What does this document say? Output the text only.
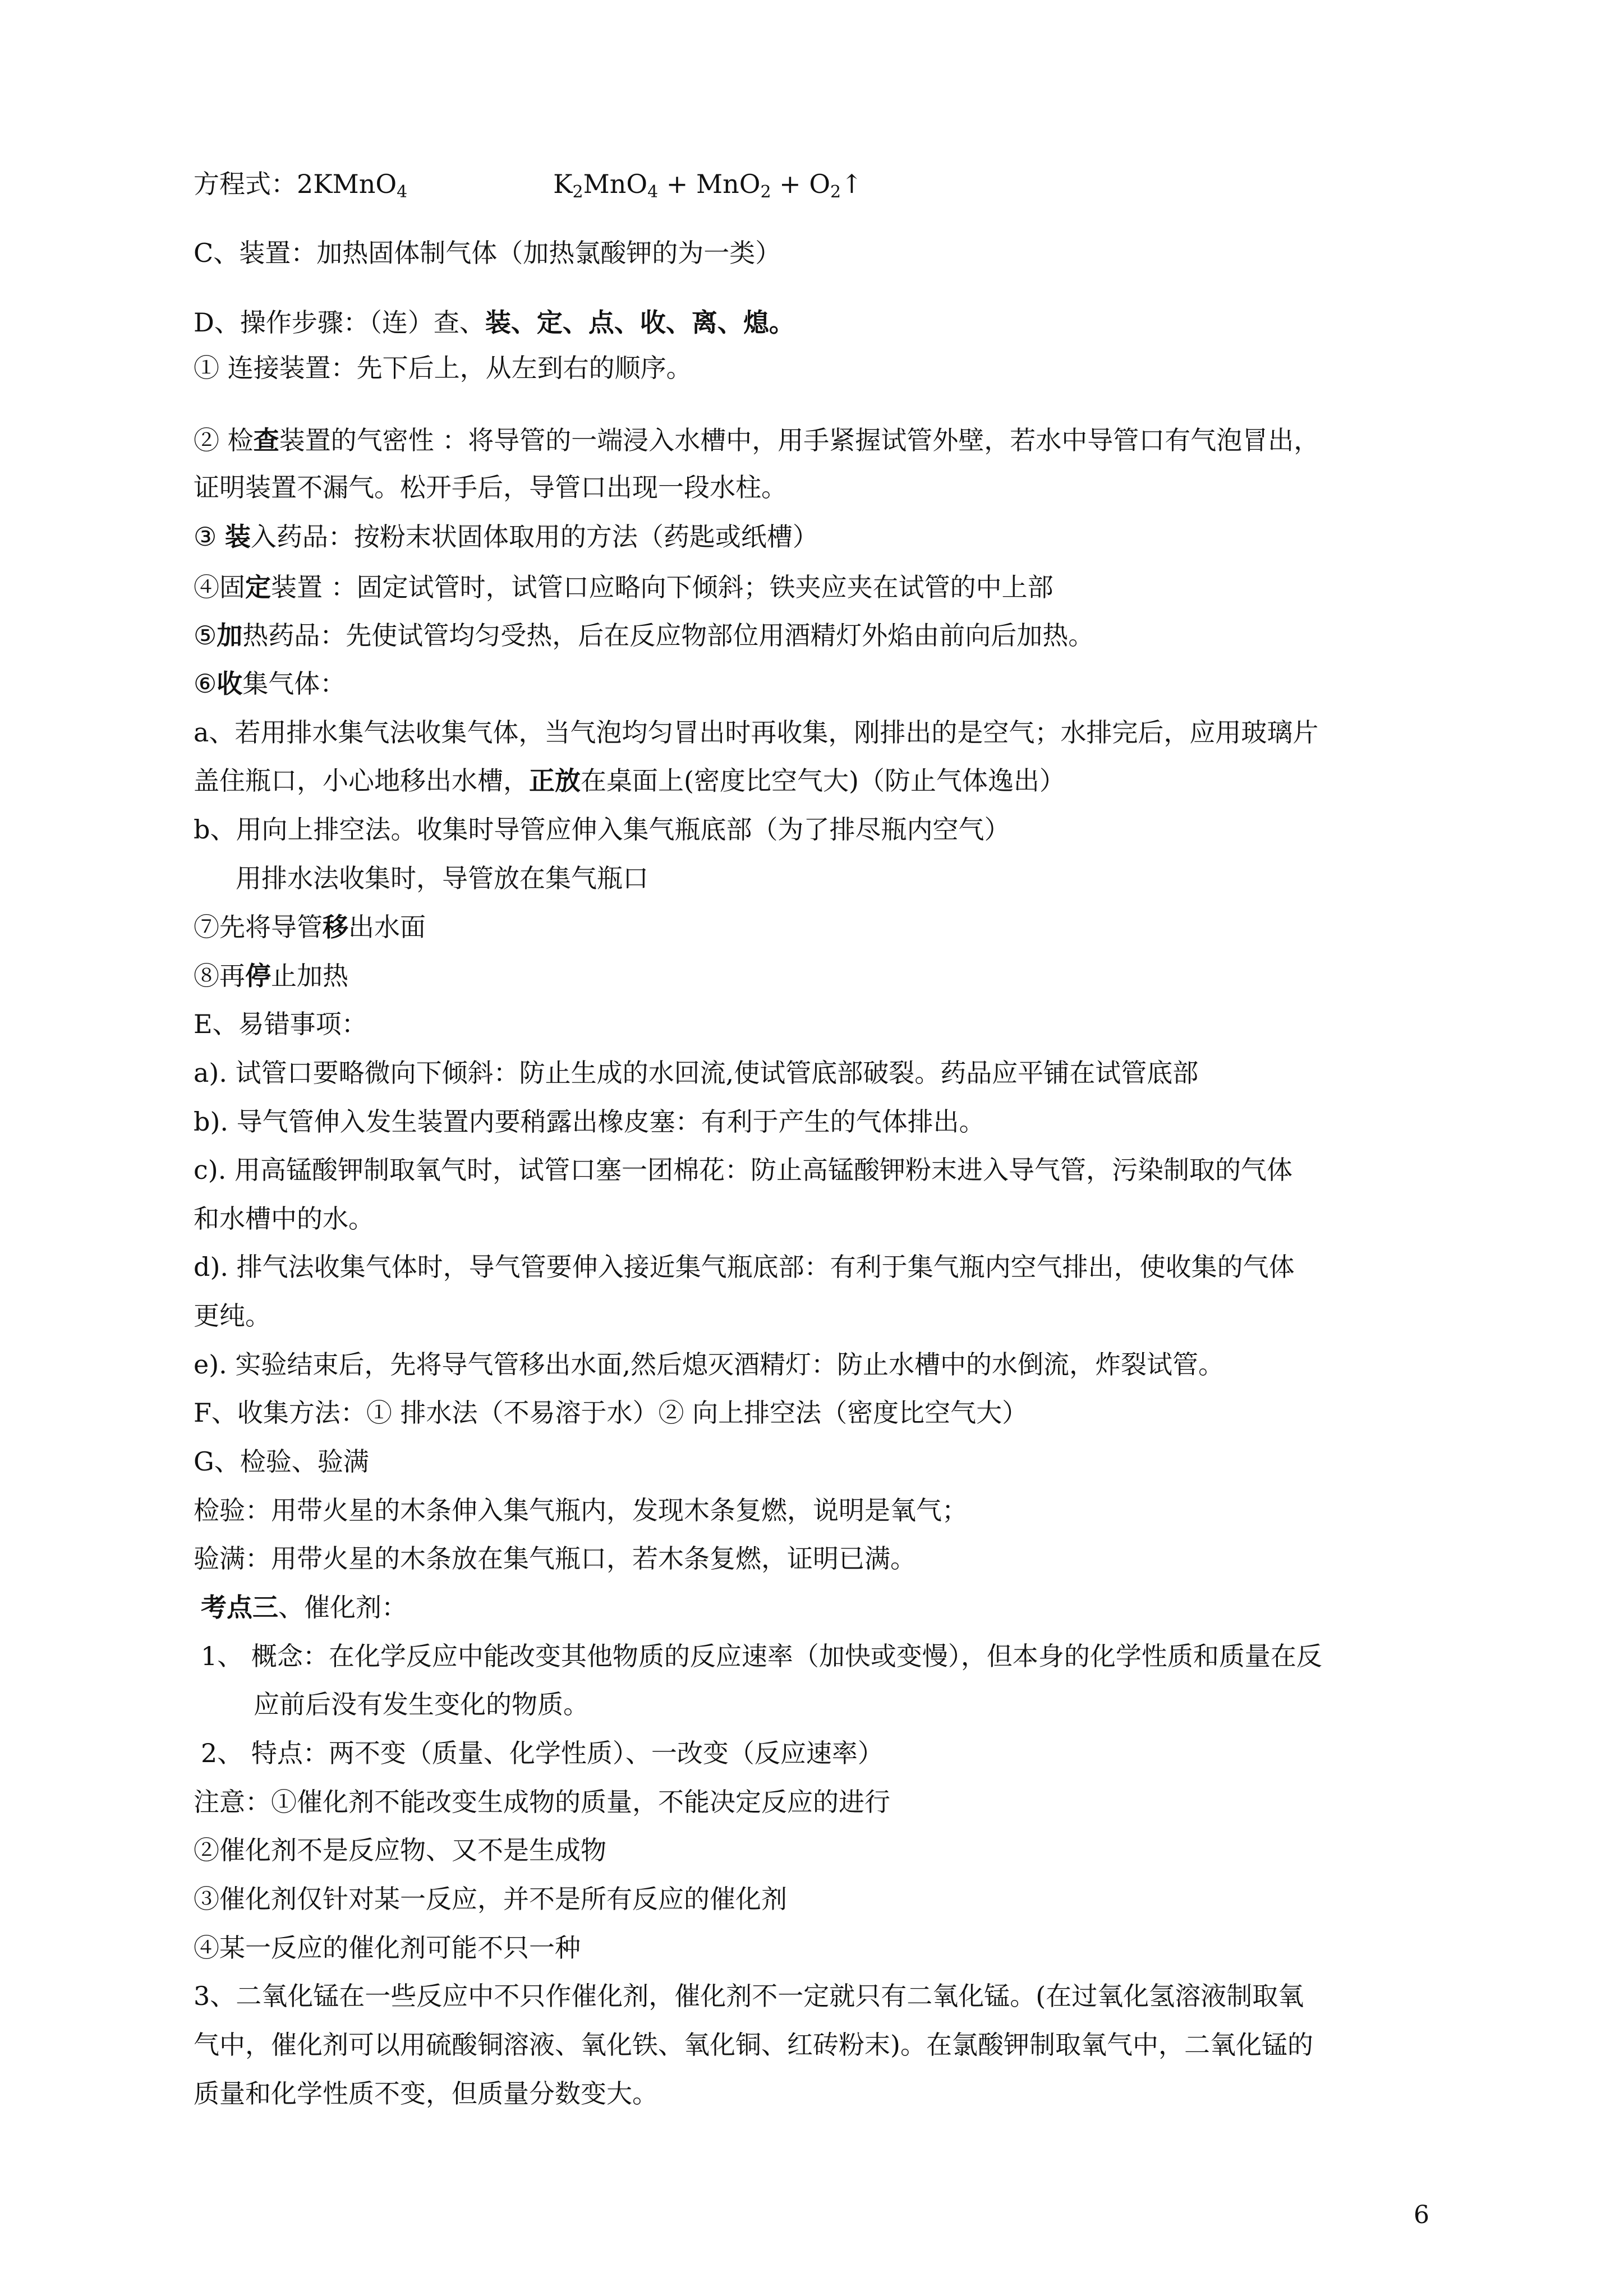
方程式：2KMnO$_4$	$K_2MnO_4 + MnO_2$ + $O_2↑$
C、装置：加热固体制气体（加热氯酸钾的为一类）
D、操作步骤：（连）查、装、定、点、收、离、熄。
① 连接装置：先下后上，从左到右的顺序。
② 检查装置的气密性 ：将导管的一端浸入水槽中，用手紧握试管外壁，若水中导管口有气泡冒出，
证明装置不漏气。松开手后，导管口出现一段水柱。
③ 装入药品：按粉末状固体取用的方法（药匙或纸槽）
④固定装置 ：固定试管时，试管口应略向下倾斜；铁夹应夹在试管的中上部
⑤加热药品：先使试管均匀受热，后在反应物部位用酒精灯外焰由前向后加热。
⑥收集气体：
a、若用排水集气法收集气体，当气泡均匀冒出时再收集，刚排出的是空气；水排完后，应用玻璃片
盖住瓶口，小心地移出水槽，正放在桌面上(密度比空气大)（防止气体逸出）
b、用向上排空法。收集时导管应伸入集气瓶底部（为了排尽瓶内空气）
用排水法收集时，导管放在集气瓶口
⑦先将导管移出水面
⑧再停止加热
E、易错事项：
a). 试管口要略微向下倾斜：防止生成的水回流,使试管底部破裂。药品应平铺在试管底部
b). 导气管伸入发生装置内要稍露出橡皮塞：有利于产生的气体排出。
c). 用高锰酸钾制取氧气时，试管口塞一团棉花：防止高锰酸钾粉末进入导气管，污染制取的气体
和水槽中的水。
d). 排气法收集气体时，导气管要伸入接近集气瓶底部：有利于集气瓶内空气排出，使收集的气体
更纯。
e). 实验结束后，先将导气管移出水面,然后熄灭酒精灯：防止水槽中的水倒流，炸裂试管。
F、收集方法：① 排水法（不易溶于水）② 向上排空法（密度比空气大）
G、检验、验满
检验：用带火星的木条伸入集气瓶内，发现木条复燃，说明是氧气；
验满：用带火星的木条放在集气瓶口，若木条复燃，证明已满。
考点三、催化剂：
1、 概念：在化学反应中能改变其他物质的反应速率（加快或变慢），但本身的化学性质和质量在反
应前后没有发生变化的物质。
2、 特点：两不变（质量、化学性质）、一改变（反应速率）
注意：①催化剂不能改变生成物的质量，不能决定反应的进行
②催化剂不是反应物、又不是生成物
③催化剂仅针对某一反应，并不是所有反应的催化剂
④某一反应的催化剂可能不只一种
3、二氧化锰在一些反应中不只作催化剂，催化剂不一定就只有二氧化锰。(在过氧化氢溶液制取氧
气中，催化剂可以用硫酸铜溶液、氧化铁、氧化铜、红砖粉末)。在氯酸钾制取氧气中，二氧化锰的
质量和化学性质不变，但质量分数变大。
6
